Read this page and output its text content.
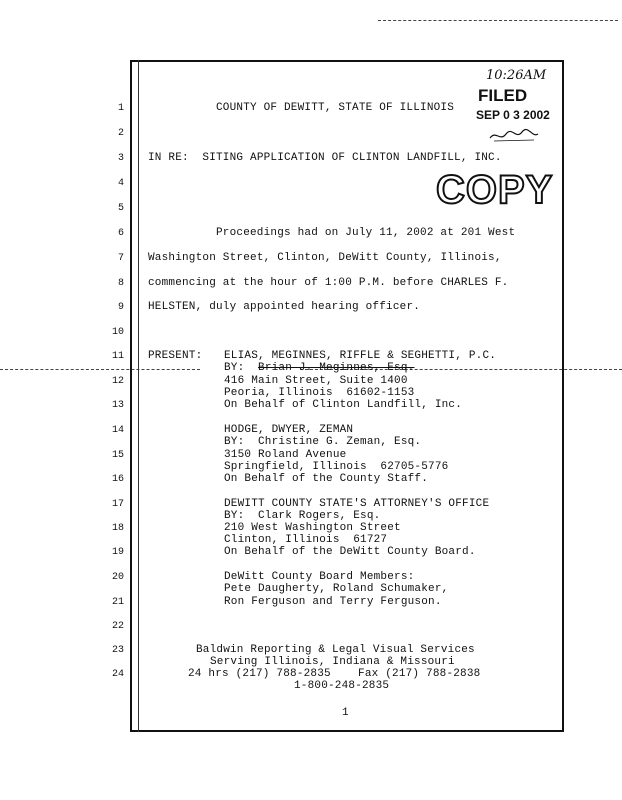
10:26AM
FILED
SEP 0 3 2002
COPY
1
2
3
4
5
6
7
8
9
10
11
12
13
14
15
16
17
18
19
20
21
22
23
24
COUNTY OF DEWITT, STATE OF ILLINOIS
IN RE:  SITING APPLICATION OF CLINTON LANDFILL, INC.
Proceedings had on July 11, 2002 at 201 West
Washington Street, Clinton, DeWitt County, Illinois,
commencing at the hour of 1:00 P.M. before CHARLES F.
HELSTEN, duly appointed hearing officer.
PRESENT: ELIAS, MEGINNES, RIFFLE & SEGHETTI, P.C.
BY:  Brian J. Meginnes, Esq.
416 Main Street, Suite 1400
Peoria, Illinois  61602-1153
On Behalf of Clinton Landfill, Inc.
HODGE, DWYER, ZEMAN
BY:  Christine G. Zeman, Esq.
3150 Roland Avenue
Springfield, Illinois  62705-5776
On Behalf of the County Staff.
DEWITT COUNTY STATE'S ATTORNEY'S OFFICE
BY:  Clark Rogers, Esq.
210 West Washington Street
Clinton, Illinois  61727
On Behalf of the DeWitt County Board.
DeWitt County Board Members:
Pete Daugherty, Roland Schumaker,
Ron Ferguson and Terry Ferguson.
Baldwin Reporting & Legal Visual Services
Serving Illinois, Indiana & Missouri
24 hrs (217) 788-2835    Fax (217) 788-2838
1-800-248-2835
1
